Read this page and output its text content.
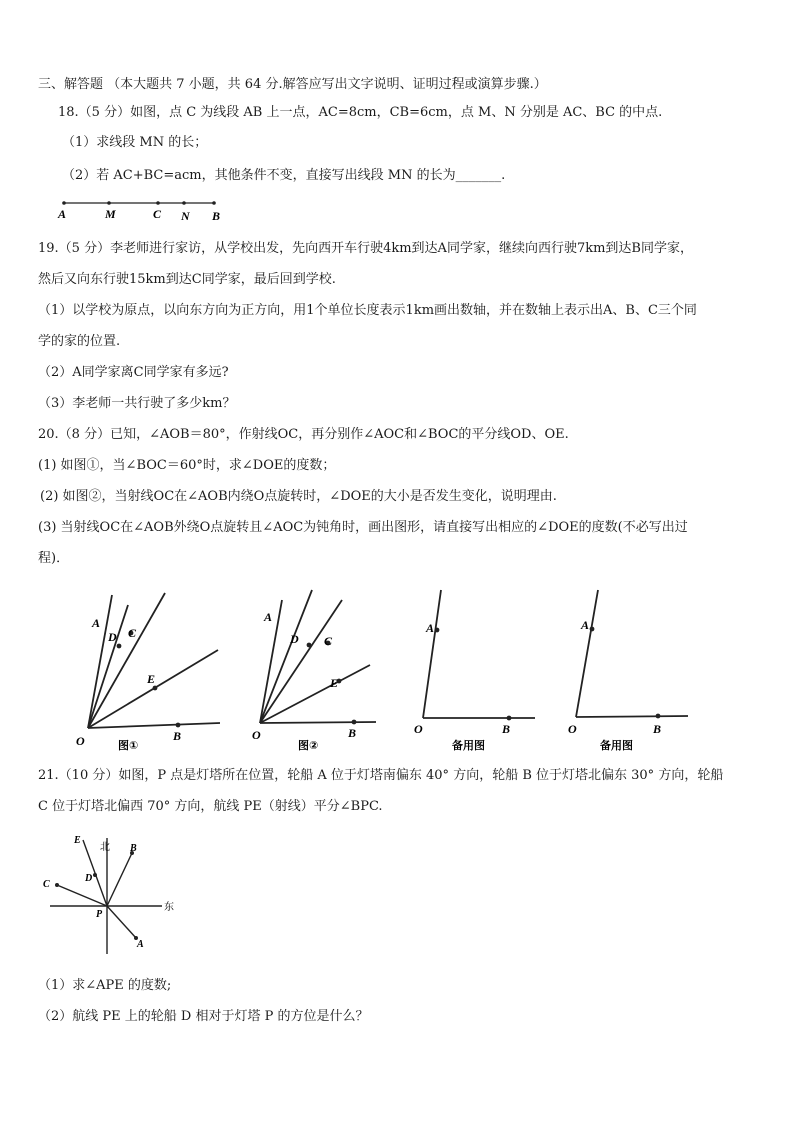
三、解答题 （本大题共 7 小题，共 64 分.解答应写出文字说明、证明过程或演算步骤.）
18.（5 分）如图，点 C 为线段 AB 上一点，AC=8cm，CB=6cm，点 M、N 分别是 AC、BC 的中点.
（1）求线段 MN 的长；
（2）若 AC+BC=acm，其他条件不变，直接写出线段 MN 的长为_______.
A	M	C N B
19.（5 分）李老师进行家访，从学校出发，先向西开车行驶4km到达A同学家，继续向西行驶7km到达B同学家，
然后又向东行驶15km到达C同学家，最后回到学校.
（1）以学校为原点，以向东方向为正方向，用1个单位长度表示1km画出数轴，并在数轴上表示出A、B、C三个同
学的家的位置.
（2）A同学家离C同学家有多远?
（3）李老师一共行驶了多少km？
20.（8 分）已知，∠AOB＝80°，作射线OC，再分别作∠AOC和∠BOC的平分线OD、OE.
(1) 如图①，当∠BOC＝60°时，求∠DOE的度数；
(2) 如图②，当射线OC在∠AOB内绕O点旋转时，∠DOE的大小是否发生变化，说明理由.
(3) 当射线OC在∠AOB外绕O点旋转且∠AOC为钝角时，画出图形，请直接写出相应的∠DOE的度数(不必写出过
程)．
A
D C
E
O	B
图①
A
D C
E
O	B
图②
A
O	B
备用图
A
O	B
备用图
21.（10 分）如图，P 点是灯塔所在位置，轮船 A 位于灯塔南偏东 40° 方向，轮船 B 位于灯塔北偏东 30° 方向，轮船
C 位于灯塔北偏西 70° 方向，航线 PE（射线）平分∠BPC.
E
北 B
C
D
P
东
A
（1）求∠APE 的度数;
（2）航线 PE 上的轮船 D 相对于灯塔 P 的方位是什么？
